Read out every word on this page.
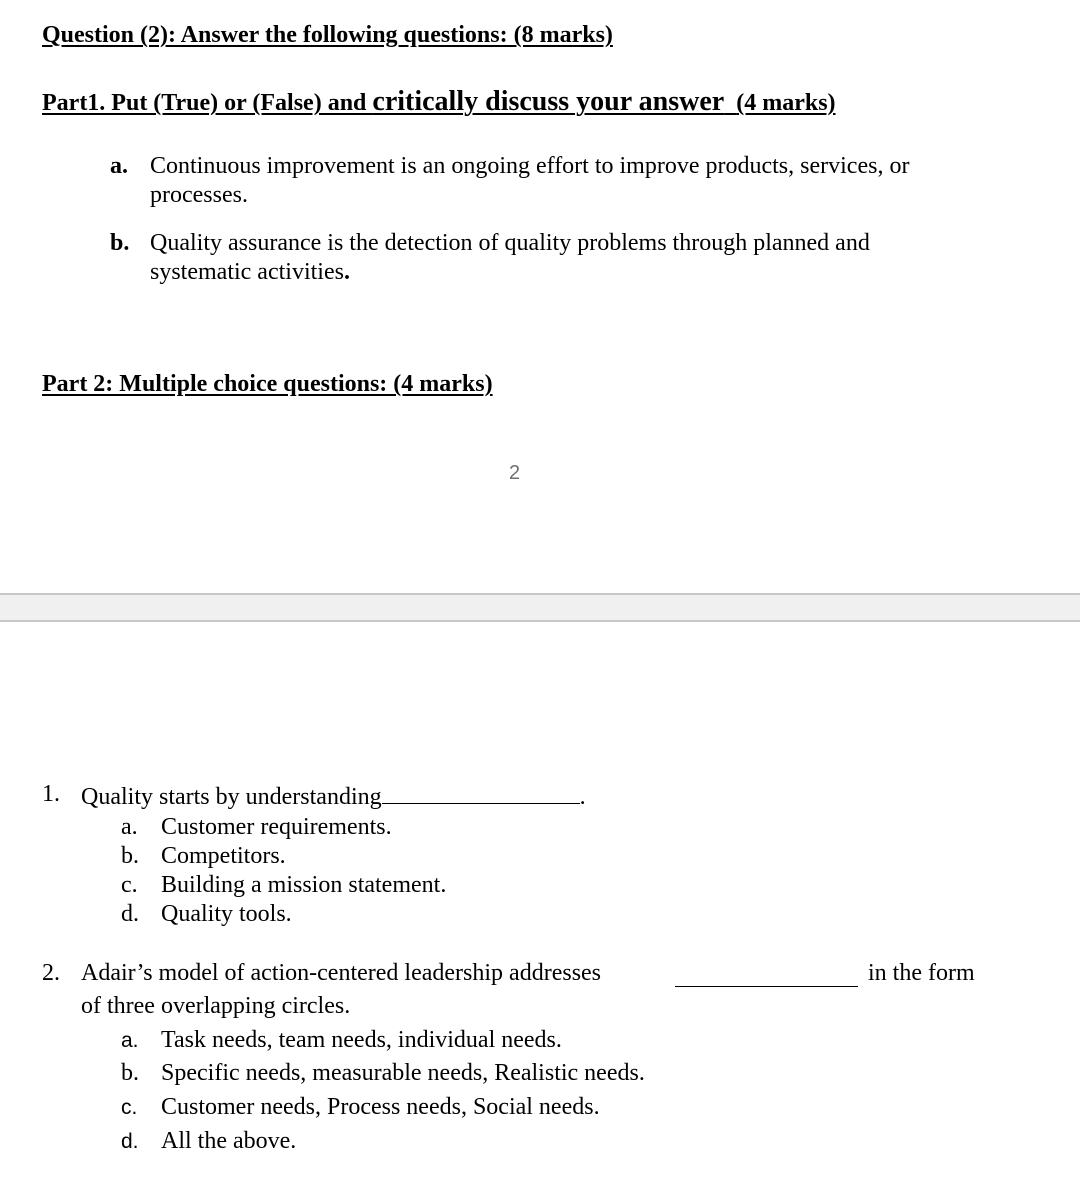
Question (2): Answer the following questions: (8 marks)
Part1. Put (True) or (False) and critically discuss your answer (4 marks)
a. Continuous improvement is an ongoing effort to improve products, services, or
processes.
b. Quality assurance is the detection of quality problems through planned and
systematic activities.
Part 2: Multiple choice questions: (4 marks)
2
1. Quality starts by understanding	.
a. Customer requirements.
b. Competitors.
c. Building a mission statement.
d. Quality tools.
2. Adair’s model of action-centered leadership addresses	in the form
of three overlapping circles.
a. Task needs, team needs, individual needs.
b. Specific needs, measurable needs, Realistic needs.
c. Customer needs, Process needs, Social needs.
d. All the above.
